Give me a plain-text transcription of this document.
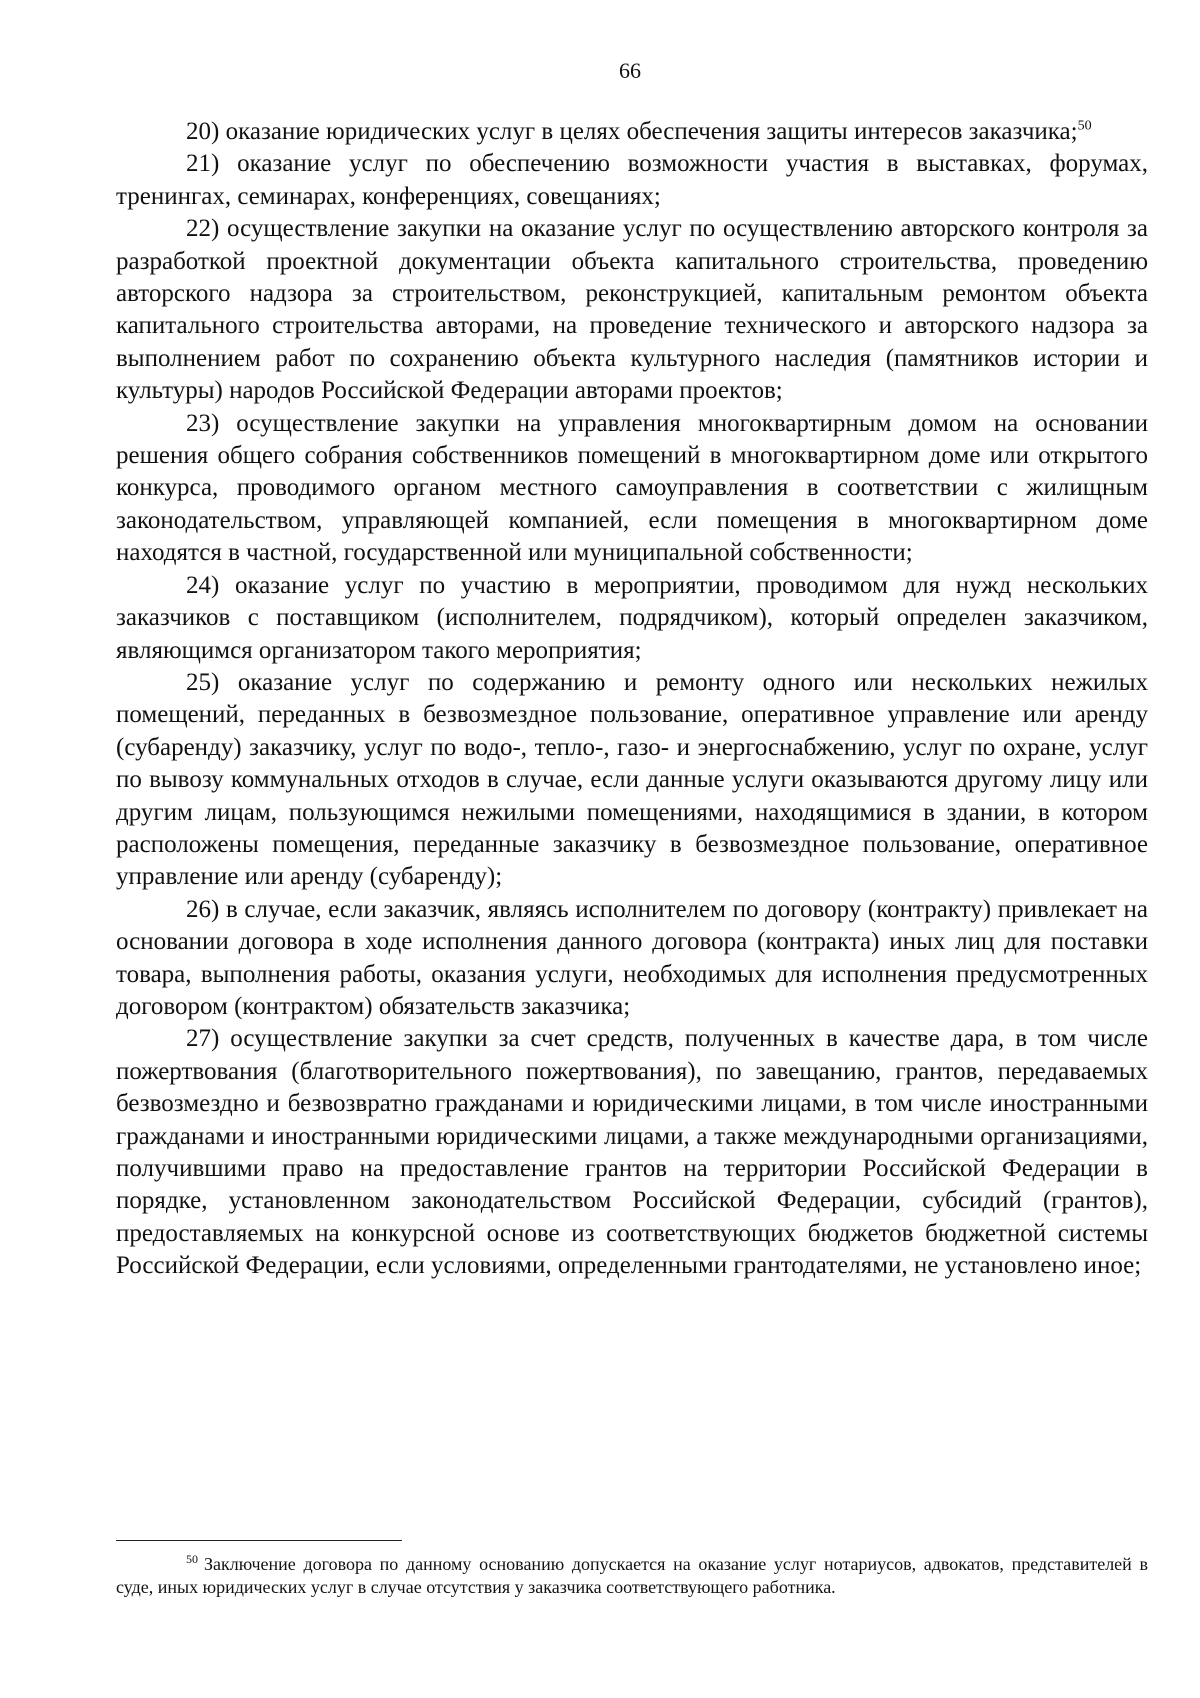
66

20) оказание юридических услуг в целях обеспечения защиты интересов заказчика;$^{50}$

21) оказание услуг по обеспечению возможности участия в выставках, форумах, тренингах, семинарах, конференциях, совещаниях;

22) осуществление закупки на оказание услуг по осуществлению авторского контроля за разработкой проектной документации объекта капитального строительства, проведению авторского надзора за строительством, реконструкцией, капитальным ремонтом объекта капитального строительства авторами, на проведение технического и авторского надзора за выполнением работ по сохранению объекта культурного наследия (памятников истории и культуры) народов Российской Федерации авторами проектов;

23) осуществление закупки на управления многоквартирным домом на основании решения общего собрания собственников помещений в многоквартирном доме или открытого конкурса, проводимого органом местного самоуправления в соответствии с жилищным законодательством, управляющей компанией, если помещения в многоквартирном доме находятся в частной, государственной или муниципальной собственности;

24) оказание услуг по участию в мероприятии, проводимом для нужд нескольких заказчиков с поставщиком (исполнителем, подрядчиком), который определен заказчиком, являющимся организатором такого мероприятия;

25) оказание услуг по содержанию и ремонту одного или нескольких нежилых помещений, переданных в безвозмездное пользование, оперативное управление или аренду (субаренду) заказчику, услуг по водо-, тепло-, газо- и энергоснабжению, услуг по охране, услуг по вывозу коммунальных отходов в случае, если данные услуги оказываются другому лицу или другим лицам, пользующимся нежилыми помещениями, находящимися в здании, в котором расположены помещения, переданные заказчику в безвозмездное пользование, оперативное управление или аренду (субаренду);

26) в случае, если заказчик, являясь исполнителем по договору (контракту) привлекает на основании договора в ходе исполнения данного договора (контракта) иных лиц для поставки товара, выполнения работы, оказания услуги, необходимых для исполнения предусмотренных договором (контрактом) обязательств заказчика;

27) осуществление закупки за счет средств, полученных в качестве дара, в том числе пожертвования (благотворительного пожертвования), по завещанию, грантов, передаваемых безвозмездно и безвозвратно гражданами и юридическими лицами, в том числе иностранными гражданами и иностранными юридическими лицами, а также международными организациями, получившими право на предоставление грантов на территории Российской Федерации в порядке, установленном законодательством Российской Федерации, субсидий (грантов), предоставляемых на конкурсной основе из соответствующих бюджетов бюджетной системы Российской Федерации, если условиями, определенными грантодателями, не установлено иное;

$^{50}$ Заключение договора по данному основанию допускается на оказание услуг нотариусов, адвокатов, представителей в суде, иных юридических услуг в случае отсутствия у заказчика соответствующего работника.
